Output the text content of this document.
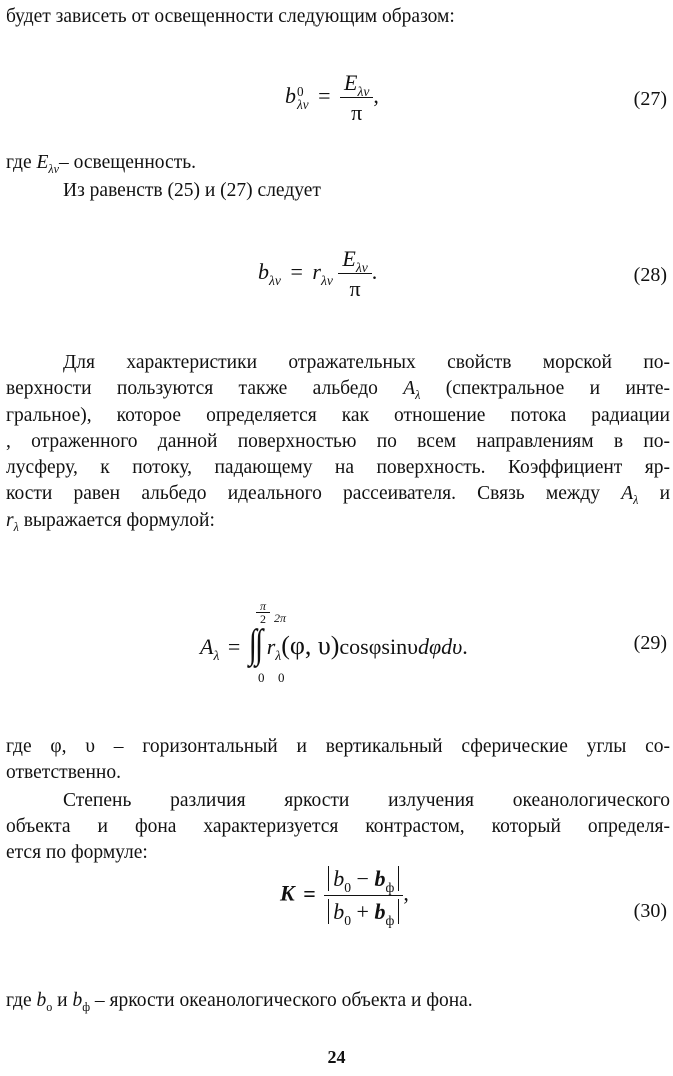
будет зависеть от освещенности следующим образом:

b 0
$\lambda\nu = \frac{E_{\lambda\nu}}{\pi}$ ,	(27)

где $E_{\lambda\nu}-$ освещенность.

Из равенств (25) и (27) следует

$b_{\lambda\nu} = r_{\lambda\nu} \frac{E_{\lambda\nu}}{\pi}$ .	(28)
Для характеристики отражательных свойств морской по-
верхности пользуются также альбедо $A_\lambda$ (спектральное и инте-
гральное), которое определяется как отношение потока радиации
, отраженного данной поверхностью по всем направлениям в по-
лусферу, к потоку, падающему на поверхность. Коэффициент яр-
кости равен альбедо идеального рассеивателя. Связь между $A_\lambda$ и
$r_\lambda$ выражается формулой:
$\frac{\pi}{2} 2\pi$
$A_\lambda$ = ∫∫ $r_\lambda(\varphi$, υ)cosφsinυdφdυ.
0 0
(29)
где φ, υ – горизонтальный и вертикальный сферические углы со-
ответственно.
Степень различия яркости излучения океанологического
объекта и фона характеризуется контрастом, который определя-
ется по формуле:
$K = \frac{b_0 - b_ф}{b_0 + b_ф}$ ,
(30)

где $b_о$ и $b_ф$ – яркости океанологического объекта и фона.

24
